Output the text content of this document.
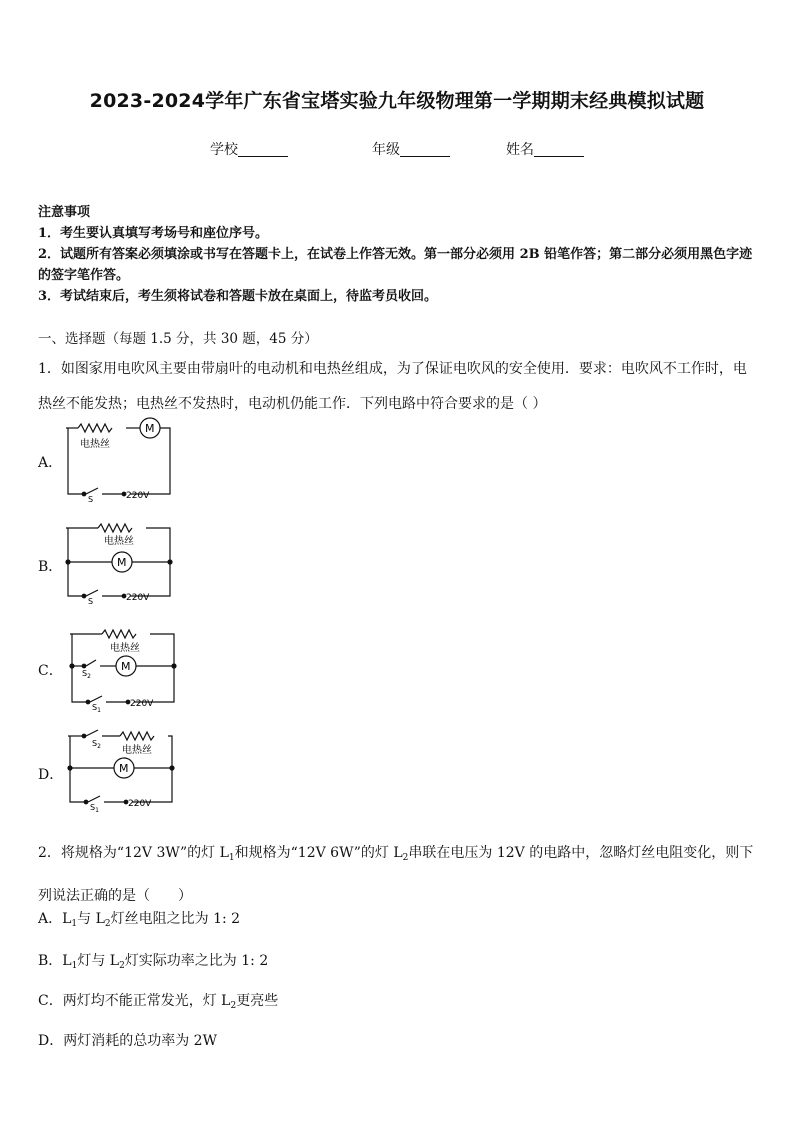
2023-2024学年广东省宝塔实验九年级物理第一学期期末经典模拟试题
学校	年级	姓名
注意事项
1．考生要认真填写考场号和座位序号。
2．试题所有答案必须填涂或书写在答题卡上，在试卷上作答无效。第一部分必须用 2B 铅笔作答；第二部分必须用黑色字迹的签字笔作答。
3．考试结束后，考生须将试卷和答题卡放在桌面上，待监考员收回。
一、选择题（每题 1.5 分，共 30 题，45 分）
1．如图家用电吹风主要由带扇叶的电动机和电热丝组成，为了保证电吹风的安全使用．要求：电吹风不工作时，电热丝不能发热；电热丝不发热时，电动机仍能工作．下列电路中符合要求的是（ ）
A．
电热丝
M
S	220V
B．
电热丝
M
S	220V
C．
电热丝
M
$S_2$
$S_1$
220V
D．
电热丝
M
$S_2$
$S_1$
220V
2．将规格为“12V 3W”的灯 $L_1$和规格为“12V 6W”的灯 $L_2$串联在电压为 12V 的电路中，忽略灯丝电阻变化，则下列说法正确的是（　　）
A．$L_1$与 $L_2$灯丝电阻之比为 1: 2
B．$L_1$灯与 $L_2$灯实际功率之比为 1: 2
C．两灯均不能正常发光，灯 $L_2$更亮些
D．两灯消耗的总功率为 2W
